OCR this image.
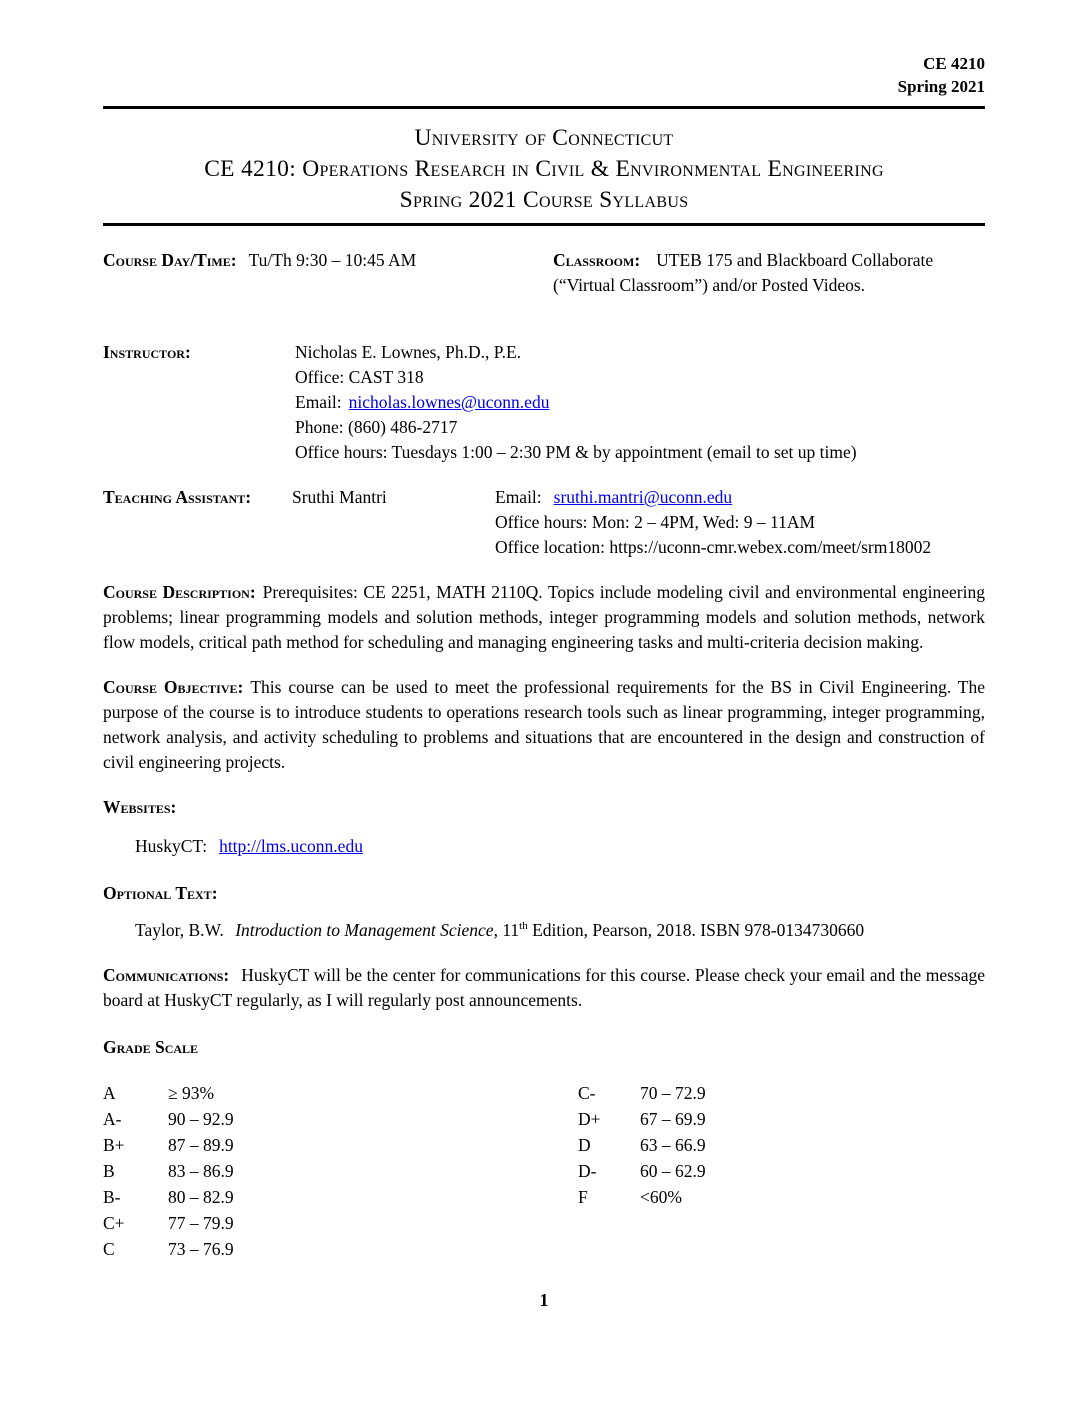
CE 4210
Spring 2021
University of Connecticut
CE 4210: Operations Research in Civil & Environmental Engineering
Spring 2021 Course Syllabus
Course Day/Time: Tu/Th 9:30 – 10:45 AM	Classroom: UTEB 175 and Blackboard Collaborate (“Virtual Classroom”) and/or Posted Videos.
Instructor:	Nicholas E. Lownes, Ph.D., P.E.
Office: CAST 318
Email: nicholas.lownes@uconn.edu
Phone: (860) 486-2717
Office hours: Tuesdays 1:00 – 2:30 PM & by appointment (email to set up time)
Teaching Assistant:	Sruthi Mantri	Email: sruthi.mantri@uconn.edu
Office hours: Mon: 2 – 4PM, Wed: 9 – 11AM
Office location: https://uconn-cmr.webex.com/meet/srm18002

Course Description: Prerequisites: CE 2251, MATH 2110Q. Topics include modeling civil and environmental engineering problems; linear programming models and solution methods, integer programming models and solution methods, network flow models, critical path method for scheduling and managing engineering tasks and multi-criteria decision making.

Course Objective: This course can be used to meet the professional requirements for the BS in Civil Engineering. The purpose of the course is to introduce students to operations research tools such as linear programming, integer programming, network analysis, and activity scheduling to problems and situations that are encountered in the design and construction of civil engineering projects.

Websites:

HuskyCT: http://lms.uconn.edu

Optional Text:

Taylor, B.W. Introduction to Management Science, 11th Edition, Pearson, 2018. ISBN 978-0134730660

Communications: HuskyCT will be the center for communications for this course. Please check your email and the message board at HuskyCT regularly, as I will regularly post announcements.

Grade Scale

A	≥ 93%
A-	90 – 92.9
B+	87 – 89.9
B	83 – 86.9
B-	80 – 82.9
C+	77 – 79.9
C	73 – 76.9
C-	70 – 72.9
D+	67 – 69.9
D	63 – 66.9
D-	60 – 62.9
F	<60%
1
